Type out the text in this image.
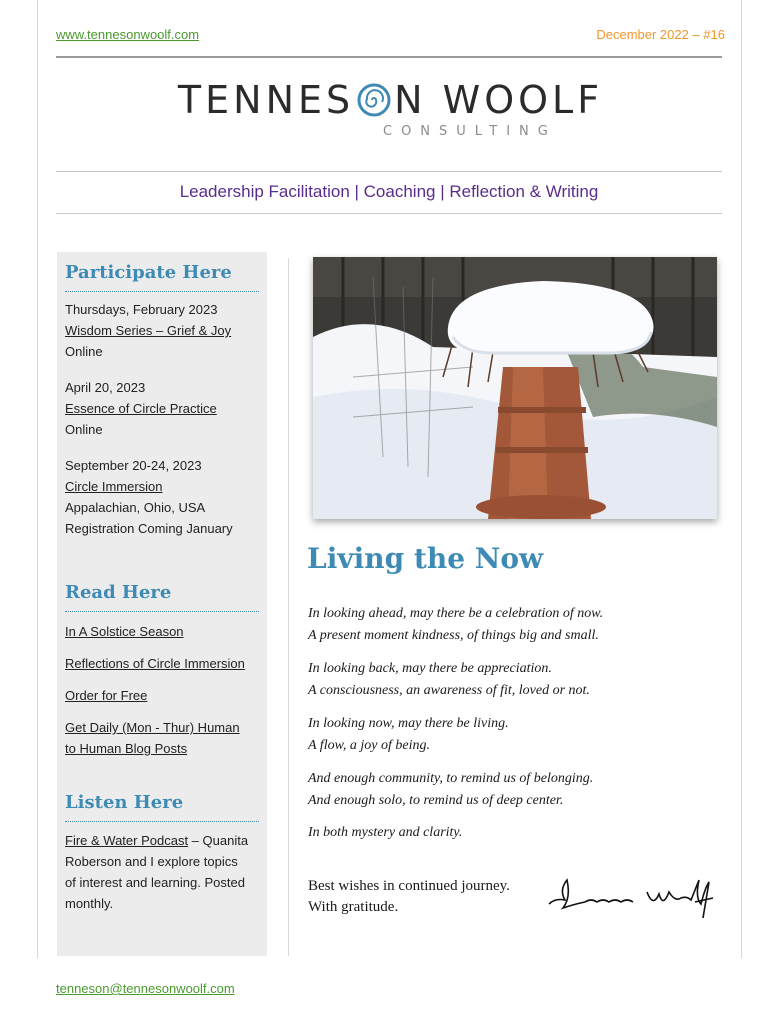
www.tennesonwoolf.com	December 2022 – #16
TENNES N WOOLF
CONSULTING
Leadership Facilitation | Coaching | Reflection & Writing
Participate Here
Thursdays, February 2023
Wisdom Series – Grief & Joy
Online
April 20, 2023
Essence of Circle Practice
Online
September 20-24, 2023
Circle Immersion
Appalachian, Ohio, USA
Registration Coming January
Read Here
In A Solstice Season
Reflections of Circle Immersion
Order for Free
Get Daily (Mon - Thur) Human
to Human Blog Posts
Listen Here
Fire & Water Podcast – Quanita
Roberson and I explore topics
of interest and learning. Posted
monthly.
Living the Now
In looking ahead, may there be a celebration of now.
A present moment kindness, of things big and small.
In looking back, may there be appreciation.
A consciousness, an awareness of fit, loved or not.
In looking now, may there be living.
A flow, a joy of being.
And enough community, to remind us of belonging.
And enough solo, to remind us of deep center.
In both mystery and clarity.
Best wishes in continued journey.
With gratitude.
tenneson@tennesonwoolf.com
